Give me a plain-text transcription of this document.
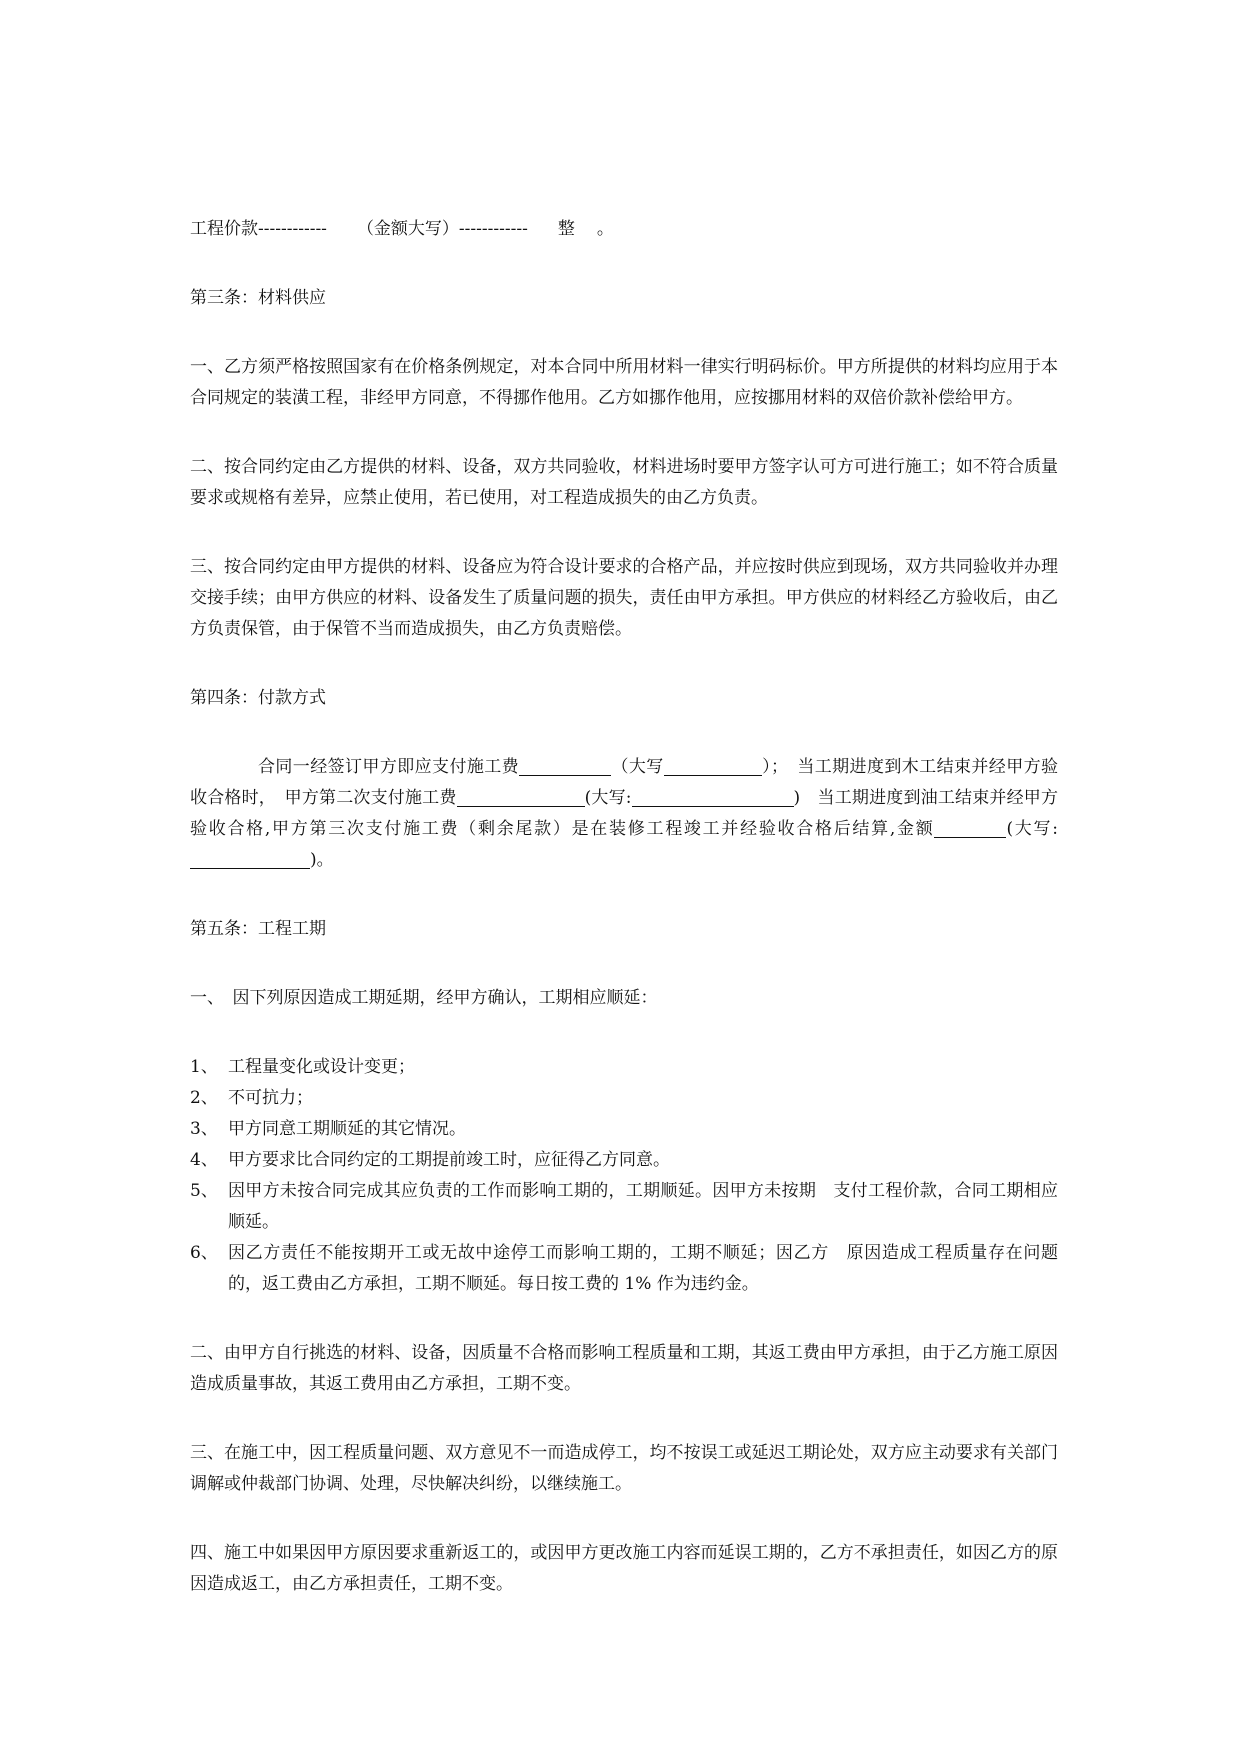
工程价款------------ （金额大写）------------ 整 。

第三条：材料供应

一、乙方须严格按照国家有在价格条例规定，对本合同中所用材料一律实行明码标价。甲方所提供的材料均应用于本合同规定的装潢工程，非经甲方同意，不得挪作他用。乙方如挪作他用，应按挪用材料的双倍价款补偿给甲方。

二、按合同约定由乙方提供的材料、设备，双方共同验收，材料进场时要甲方签字认可方可进行施工；如不符合质量要求或规格有差异，应禁止使用，若已使用，对工程造成损失的由乙方负责。

三、按合同约定由甲方提供的材料、设备应为符合设计要求的合格产品，并应按时供应到现场，双方共同验收并办理交接手续；由甲方供应的材料、设备发生了质量问题的损失，责任由甲方承担。甲方供应的材料经乙方验收后，由乙方负责保管，由于保管不当而造成损失，由乙方负责赔偿。

第四条：付款方式

合同一经签订甲方即应支付施工费	（大写	）；　当工期进度到木工结束并经甲方验收合格时，　甲方第二次支付施工费	(大写:	)　当工期进度到油工结束并经甲方验收合格,甲方第三次支付施工费（剩余尾款）是在装修工程竣工并经验收合格后结算,金额	(大写:)。

第五条：工程工期

一、　因下列原因造成工期延期，经甲方确认，工期相应顺延：

1、 工程量变化或设计变更；
2、 不可抗力；
3、 甲方同意工期顺延的其它情况。
4、 甲方要求比合同约定的工期提前竣工时，应征得乙方同意。
5、 因甲方未按合同完成其应负责的工作而影响工期的，工期顺延。因甲方未按期　支付工程价款，合同工期相应顺延。
6、 因乙方责任不能按期开工或无故中途停工而影响工期的，工期不顺延；因乙方　原因造成工程质量存在问题的，返工费由乙方承担，工期不顺延。每日按工费的 1% 作为违约金。

二、由甲方自行挑选的材料、设备，因质量不合格而影响工程质量和工期，其返工费由甲方承担，由于乙方施工原因造成质量事故，其返工费用由乙方承担，工期不变。

三、在施工中，因工程质量问题、双方意见不一而造成停工，均不按误工或延迟工期论处，双方应主动要求有关部门调解或仲裁部门协调、处理，尽快解决纠纷，以继续施工。

四、施工中如果因甲方原因要求重新返工的，或因甲方更改施工内容而延误工期的，乙方不承担责任，如因乙方的原因造成返工，由乙方承担责任，工期不变。
